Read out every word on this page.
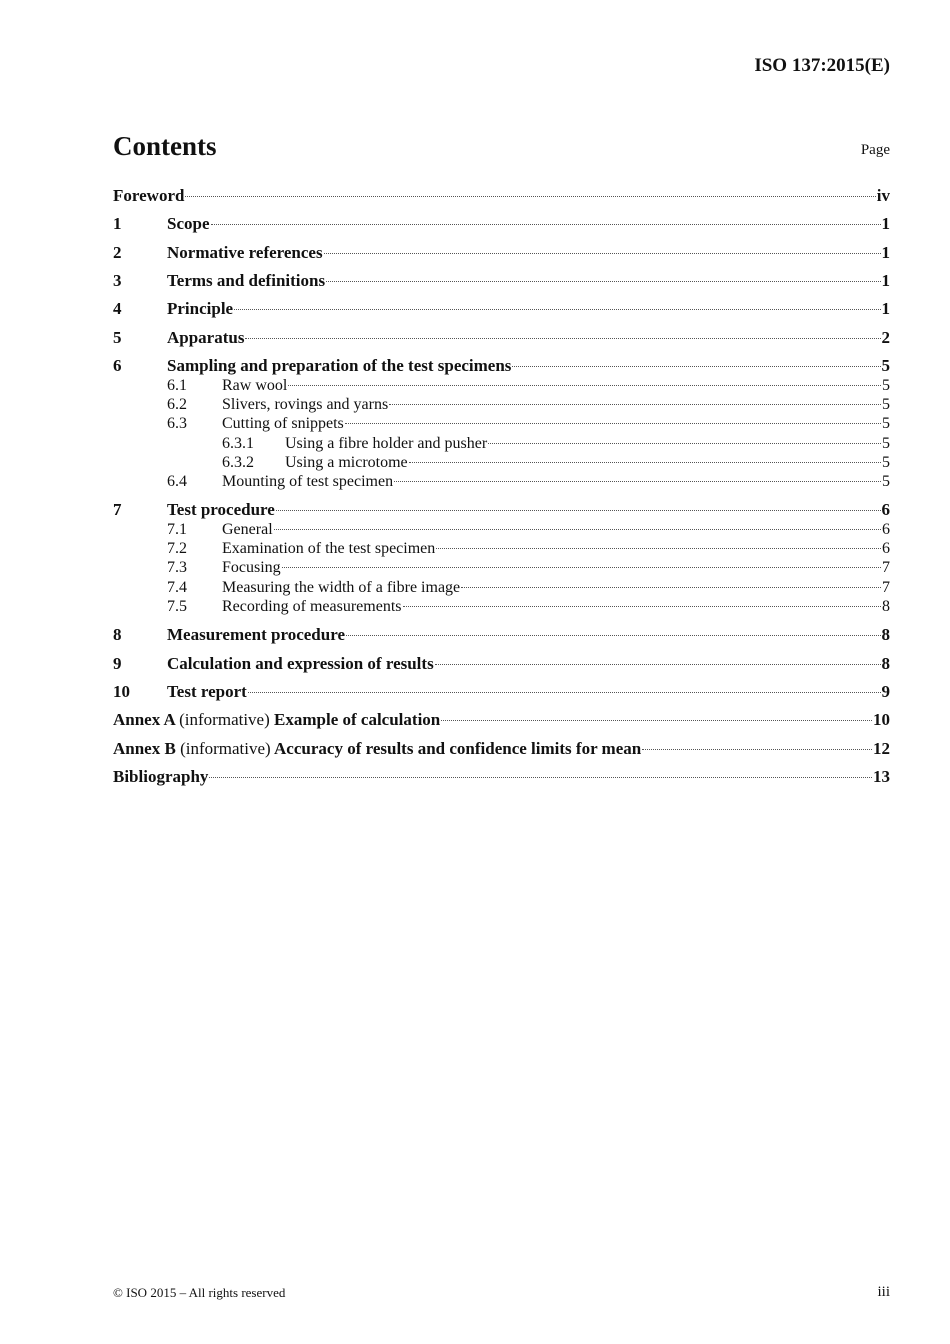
ISO 137:2015(E)
Contents	Page
Foreword	iv
1	Scope	1
2	Normative references	1
3	Terms and definitions	1
4	Principle	1
5	Apparatus	2
6	Sampling and preparation of the test specimens	5
6.1	Raw wool	5
6.2	Slivers, rovings and yarns	5
6.3	Cutting of snippets	5
6.3.1	Using a fibre holder and pusher	5
6.3.2	Using a microtome	5
6.4	Mounting of test specimen	5
7	Test procedure	6
7.1	General	6
7.2	Examination of the test specimen	6
7.3	Focusing	7
7.4	Measuring the width of a fibre image	7
7.5	Recording of measurements	8
8	Measurement procedure	8
9	Calculation and expression of results	8
10	Test report	9
Annex A (informative) Example of calculation	10
Annex B (informative) Accuracy of results and confidence limits for mean	12
Bibliography	13
© ISO 2015 – All rights reserved	iii
